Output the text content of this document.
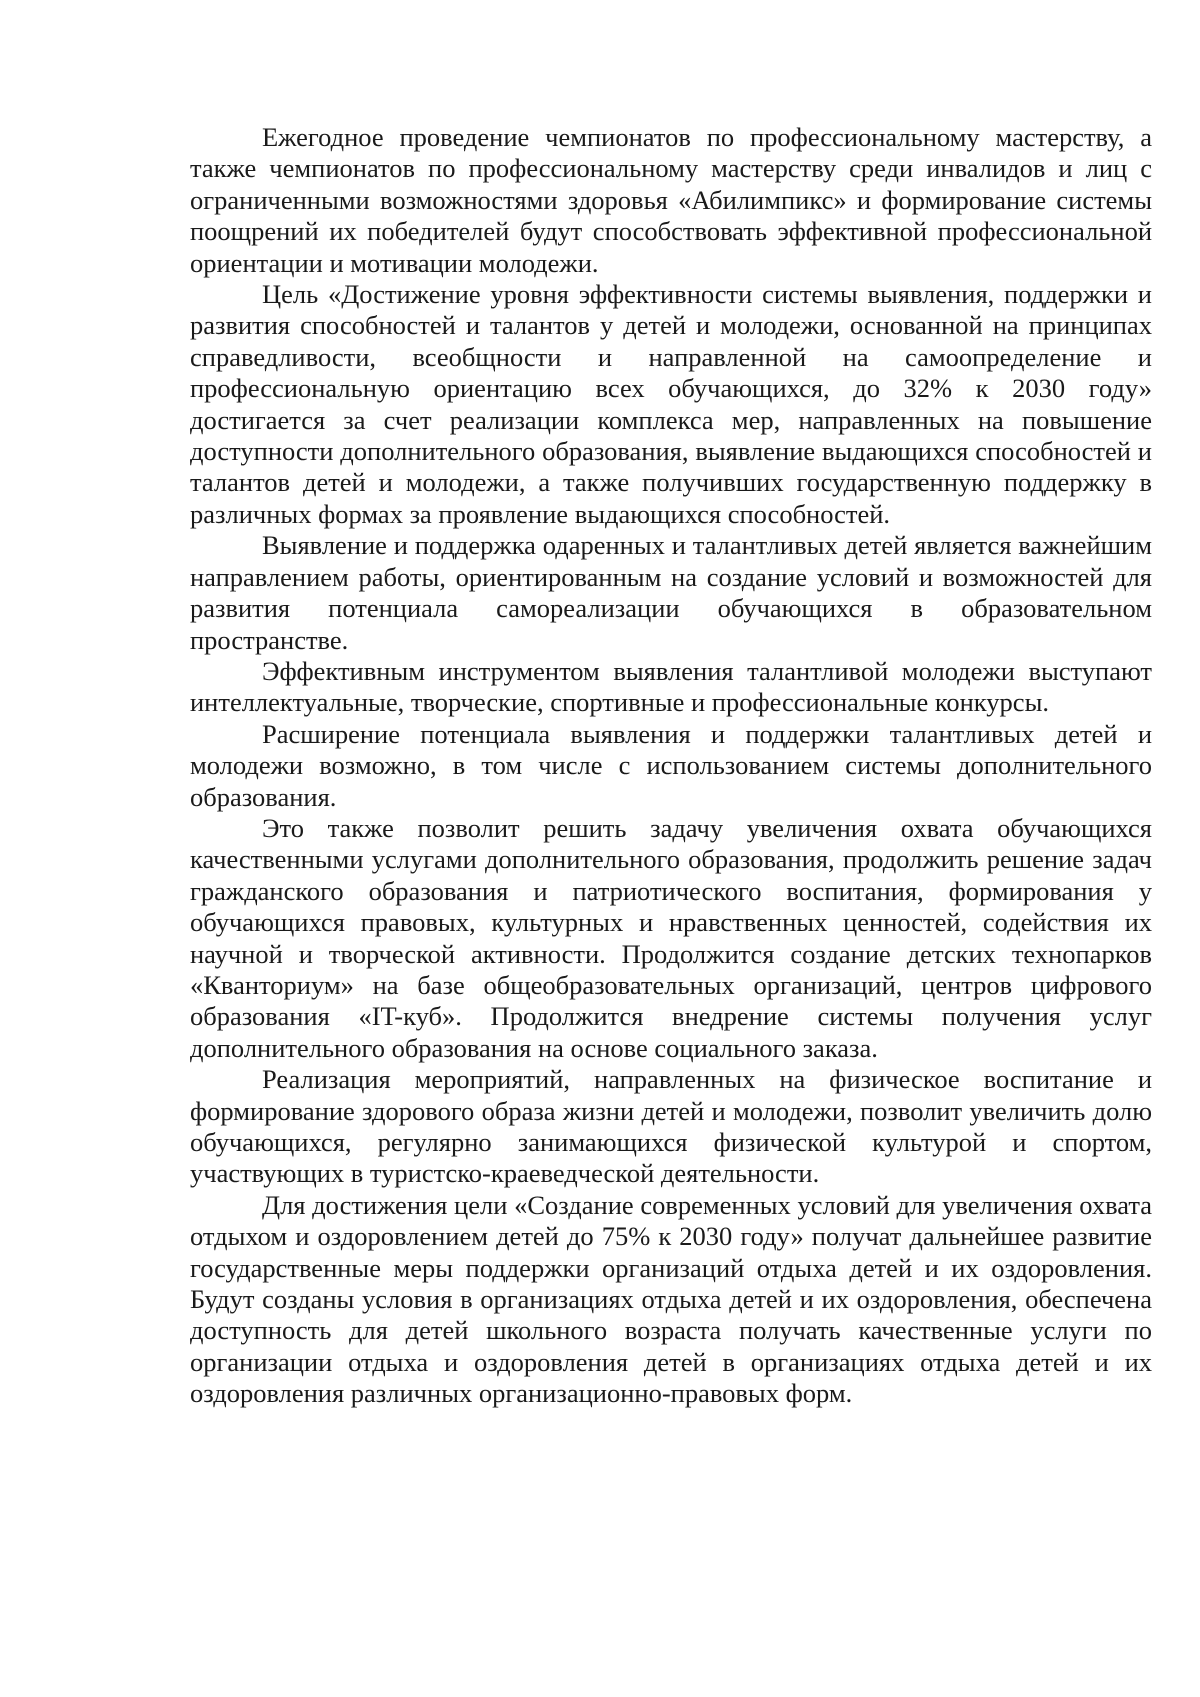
Ежегодное проведение чемпионатов по профессиональному мастерству, а также чемпионатов по профессиональному мастерству среди инвалидов и лиц с ограниченными возможностями здоровья «Абилимпикс» и формирование системы поощрений их победителей будут способствовать эффективной профессиональной ориентации и мотивации молодежи.

Цель «Достижение уровня эффективности системы выявления, поддержки и развития способностей и талантов у детей и молодежи, основанной на принципах справедливости, всеобщности и направленной на самоопределение и профессиональную ориентацию всех обучающихся, до 32% к 2030 году» достигается за счет реализации комплекса мер, направленных на повышение доступности дополнительного образования, выявление выдающихся способностей и талантов детей и молодежи, а также получивших государственную поддержку в различных формах за проявление выдающихся способностей.

Выявление и поддержка одаренных и талантливых детей является важнейшим направлением работы, ориентированным на создание условий и возможностей для развития потенциала самореализации обучающихся в образовательном пространстве.

Эффективным инструментом выявления талантливой молодежи выступают интеллектуальные, творческие, спортивные и профессиональные конкурсы.

Расширение потенциала выявления и поддержки талантливых детей и молодежи возможно, в том числе с использованием системы дополнительного образования.

Это также позволит решить задачу увеличения охвата обучающихся качественными услугами дополнительного образования, продолжить решение задач гражданского образования и патриотического воспитания, формирования у обучающихся правовых, культурных и нравственных ценностей, содействия их научной и творческой активности. Продолжится создание детских технопарков «Кванториум» на базе общеобразовательных организаций, центров цифрового образования «IT-куб». Продолжится внедрение системы получения услуг дополнительного образования на основе социального заказа.

Реализация мероприятий, направленных на физическое воспитание и формирование здорового образа жизни детей и молодежи, позволит увеличить долю обучающихся, регулярно занимающихся физической культурой и спортом, участвующих в туристско-краеведческой деятельности.

Для достижения цели «Создание современных условий для увеличения охвата отдыхом и оздоровлением детей до 75% к 2030 году» получат дальнейшее развитие государственные меры поддержки организаций отдыха детей и их оздоровления. Будут созданы условия в организациях отдыха детей и их оздоровления, обеспечена доступность для детей школьного возраста получать качественные услуги по организации отдыха и оздоровления детей в организациях отдыха детей и их оздоровления различных организационно-правовых форм.
